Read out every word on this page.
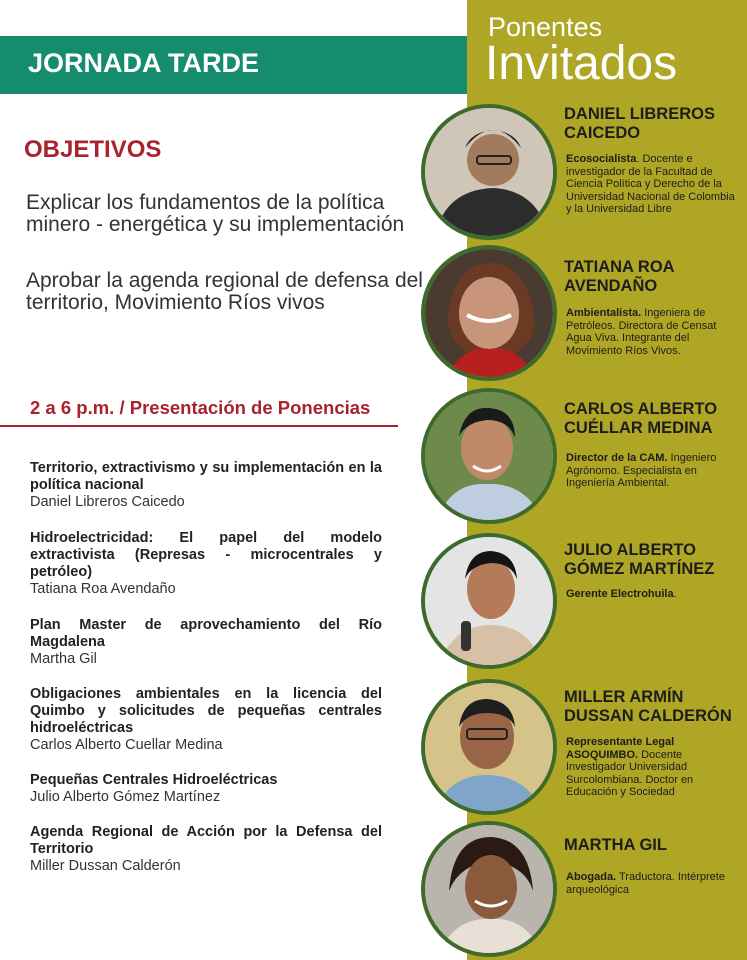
Ponentes
Invitados
JORNADA TARDE
OBJETIVOS
Explicar los fundamentos de la política minero - energética y su implementación
Aprobar la agenda regional de defensa del territorio, Movimiento Ríos vivos
2 a 6 p.m. / Presentación de Ponencias
Territorio, extractivismo y su implementación en la política nacional
Daniel Libreros Caicedo
Hidroelectricidad: El papel del modelo extractivista (Represas - microcentrales y petróleo)
Tatiana Roa Avendaño
Plan Master de aprovechamiento del Río Magdalena
Martha Gil
Obligaciones ambientales en la licencia del Quimbo y solicitudes de pequeñas centrales hidroeléctricas
Carlos Alberto Cuellar Medina
Pequeñas Centrales Hidroeléctricas
Julio Alberto Gómez Martínez
Agenda Regional de Acción por la Defensa del Territorio
Miller Dussan Calderón
DANIEL LIBREROS
CAICEDO
Ecosocialista. Docente e investigador de la Facultad de Ciencia Política y Derecho de la Universidad Nacional de Colombia y la Universidad Libre
TATIANA ROA
AVENDAÑO
Ambientalista. Ingeniera de Petróleos. Directora de Censat Agua Viva. Integrante del Movimiento Ríos Vivos.
CARLOS ALBERTO
CUÉLLAR MEDINA
Director de la CAM. Ingeniero Agrónomo. Especialista en Ingeniería Ambiental.
JULIO ALBERTO
GÓMEZ MARTÍNEZ
Gerente Electrohuila.
MILLER ARMÍN
DUSSAN CALDERÓN
Representante Legal ASOQUIMBO. Docente Investigador Universidad Surcolombiana. Doctor en Educación y Sociedad
MARTHA GIL
Abogada. Traductora. Intérprete arqueológica
